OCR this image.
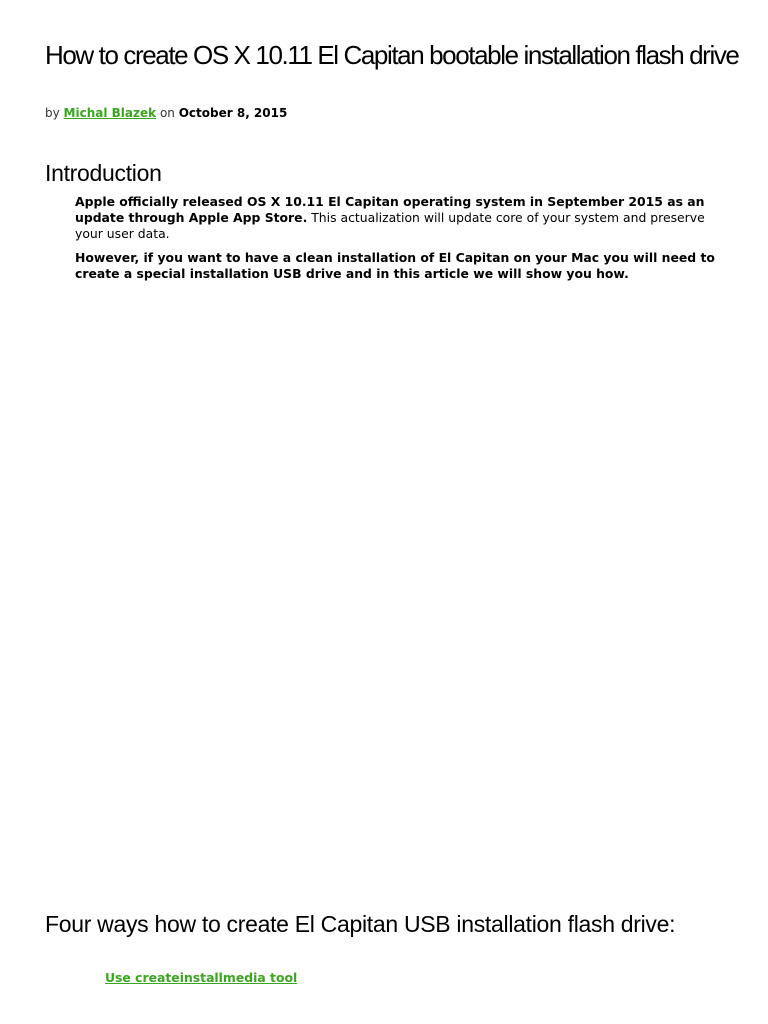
How to create OS X 10.11 El Capitan bootable installation flash drive

by Michal Blazek on October 8, 2015

Introduction

Apple officially released OS X 10.11 El Capitan operating system in September 2015 as an update through Apple App Store. This actualization will update core of your system and preserve your user data.

However, if you want to have a clean installation of El Capitan on your Mac you will need to create a special installation USB drive and in this article we will show you how.

Four ways how to create El Capitan USB installation flash drive:

Use createinstallmedia tool
